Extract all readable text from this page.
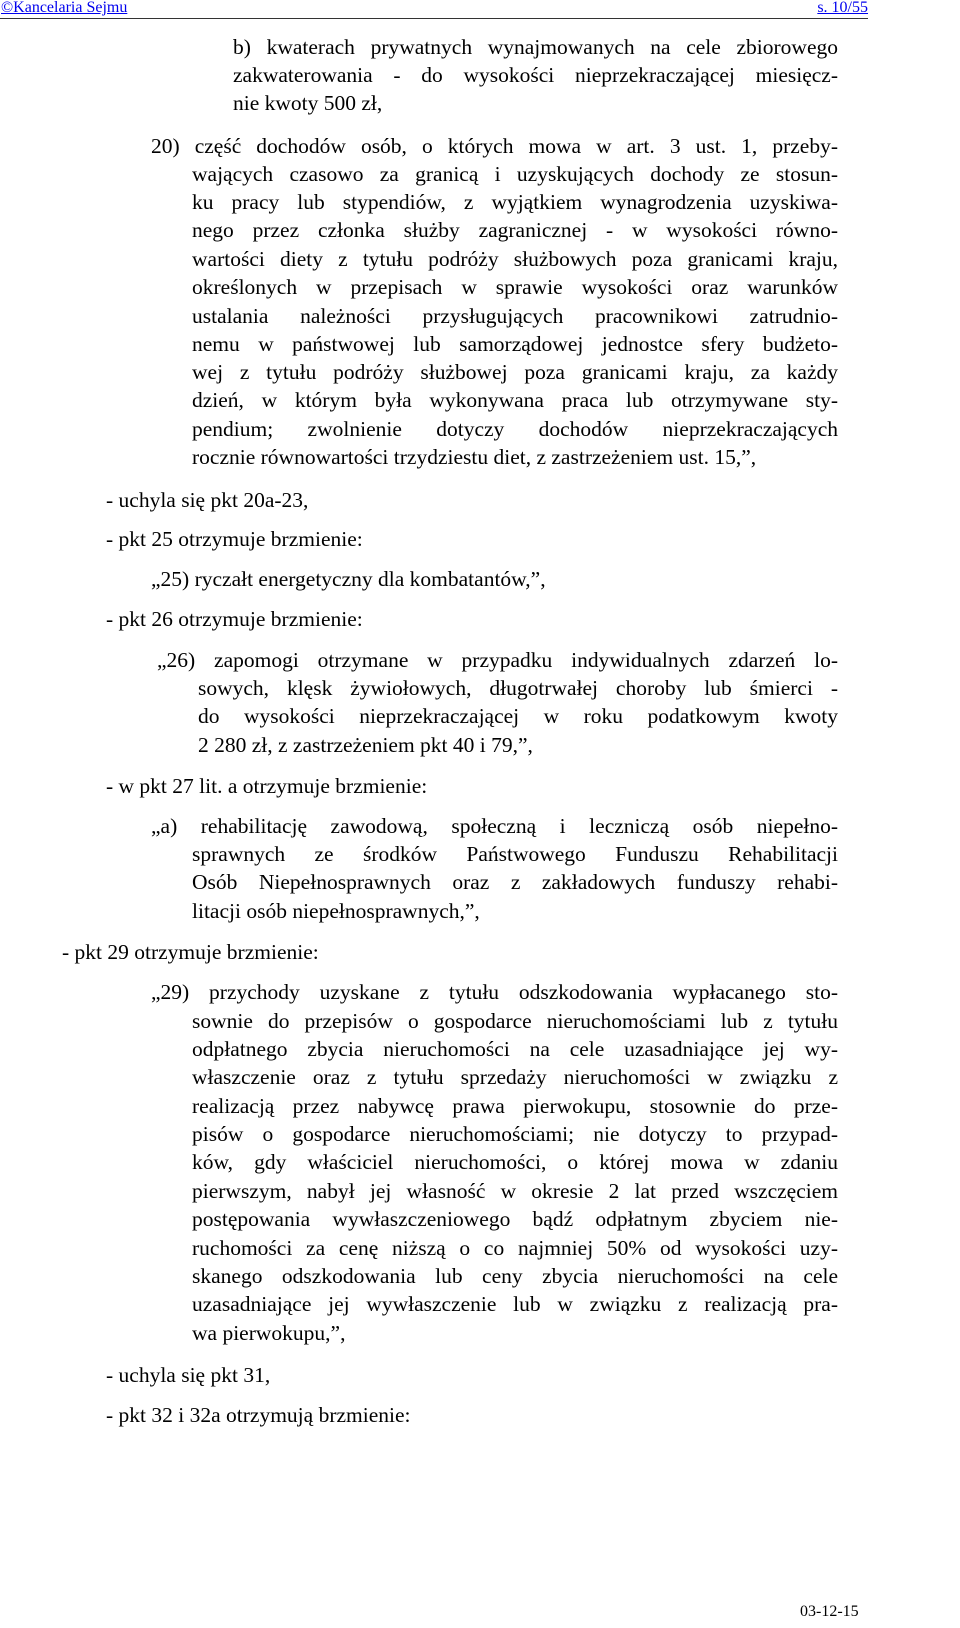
©Kancelaria Sejmu	s. 10/55
b) kwaterach prywatnych wynajmowanych na cele zbiorowego
zakwaterowania - do wysokości nieprzekraczającej miesięcz-
nie kwoty 500 zł,
20) część dochodów osób, o których mowa w art. 3 ust. 1, przeby-
wających czasowo za granicą i uzyskujących dochody ze stosun-
ku pracy lub stypendiów, z wyjątkiem wynagrodzenia uzyskiwa-
nego przez członka służby zagranicznej - w wysokości równo-
wartości diety z tytułu podróży służbowych poza granicami kraju,
określonych w przepisach w sprawie wysokości oraz warunków
ustalania należności przysługujących pracownikowi zatrudnio-
nemu w państwowej lub samorządowej jednostce sfery budżeto-
wej z tytułu podróży służbowej poza granicami kraju, za każdy
dzień, w którym była wykonywana praca lub otrzymywane sty-
pendium; zwolnienie dotyczy dochodów nieprzekraczających
rocznie równowartości trzydziestu diet, z zastrzeżeniem ust. 15,”,
- uchyla się pkt 20a-23,
- pkt 25 otrzymuje brzmienie:
„25) ryczałt energetyczny dla kombatantów,”,
- pkt 26 otrzymuje brzmienie:
„26) zapomogi otrzymane w przypadku indywidualnych zdarzeń lo-
sowych, klęsk żywiołowych, długotrwałej choroby lub śmierci -
do wysokości nieprzekraczającej w roku podatkowym kwoty
2 280 zł, z zastrzeżeniem pkt 40 i 79,”,
- w pkt 27 lit. a otrzymuje brzmienie:
„a) rehabilitację zawodową, społeczną i leczniczą osób niepełno-
sprawnych ze środków Państwowego Funduszu Rehabilitacji
Osób Niepełnosprawnych oraz z zakładowych funduszy rehabi-
litacji osób niepełnosprawnych,”,
- pkt 29 otrzymuje brzmienie:
„29) przychody uzyskane z tytułu odszkodowania wypłacanego sto-
sownie do przepisów o gospodarce nieruchomościami lub z tytułu
odpłatnego zbycia nieruchomości na cele uzasadniające jej wy-
właszczenie oraz z tytułu sprzedaży nieruchomości w związku z
realizacją przez nabywcę prawa pierwokupu, stosownie do prze-
pisów o gospodarce nieruchomościami; nie dotyczy to przypad-
ków, gdy właściciel nieruchomości, o której mowa w zdaniu
pierwszym, nabył jej własność w okresie 2 lat przed wszczęciem
postępowania wywłaszczeniowego bądź odpłatnym zbyciem nie-
ruchomości za cenę niższą o co najmniej 50% od wysokości uzy-
skanego odszkodowania lub ceny zbycia nieruchomości na cele
uzasadniające jej wywłaszczenie lub w związku z realizacją pra-
wa pierwokupu,”,
- uchyla się pkt 31,
- pkt 32 i 32a otrzymują brzmienie:
03-12-15
